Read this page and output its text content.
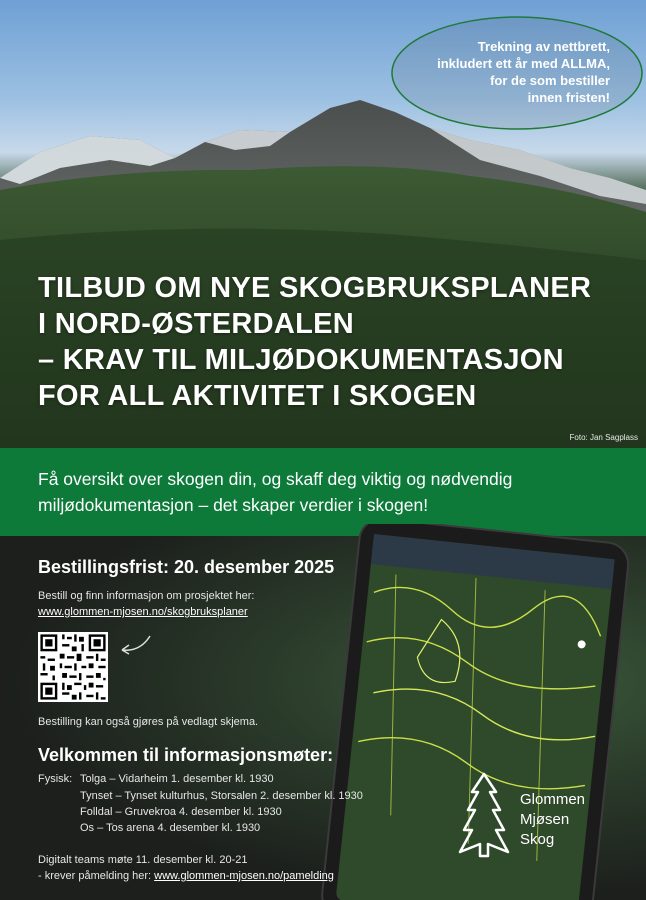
Trekning av nettbrett,
inkludert ett år med ALLMA,
for de som bestiller
innen fristen!
TILBUD OM NYE SKOGBRUKSPLANER
I NORD-ØSTERDALEN
– KRAV TIL MILJØDOKUMENTASJON
FOR ALL AKTIVITET I SKOGEN
Foto: Jan Sagplass

Få oversikt over skogen din, og skaff deg viktig og nødvendig
miljødokumentasjon – det skaper verdier i skogen!

Bestillingsfrist: 20. desember 2025
Bestill og finn informasjon om prosjektet her:
www.glommen-mjosen.no/skogbruksplaner
Bestilling kan også gjøres på vedlagt skjema.
Velkommen til informasjonsmøter:
Fysisk: Tolga – Vidarheim 1. desember kl. 1930
Tynset – Tynset kulturhus, Storsalen 2. desember kl. 1930
Folldal – Gruvekroa 4. desember kl. 1930
Os – Tos arena 4. desember kl. 1930
Digitalt teams møte 11. desember kl. 20-21
- krever påmelding her: www.glommen-mjosen.no/pamelding
Glommen
Mjøsen
Skog
